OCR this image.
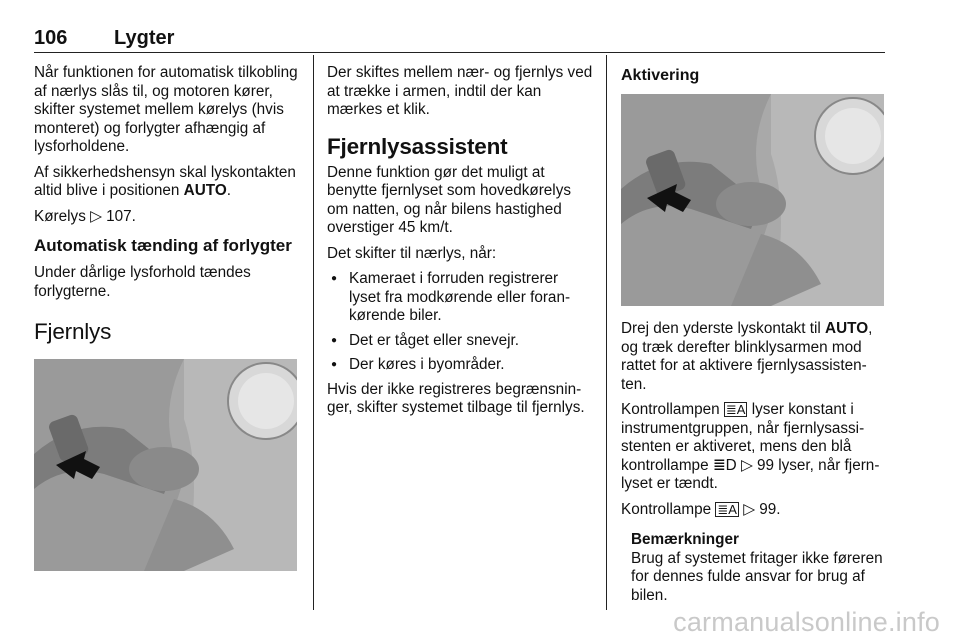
106 Lygter

Når funktionen for automatisk tilkobling af nærlys slås til, og motoren kører, skifter systemet mellem kørelys (hvis monteret) og forlygter afhængig af lysforholdene.

Af sikkerhedshensyn skal lyskontakten altid blive i positionen AUTO.

Kørelys ▷ 107.

Automatisk tænding af forlygter

Under dårlige lysforhold tændes forlygterne.

Fjernlys

Der skiftes mellem nær- og fjernlys ved at trække i armen, indtil der kan mærkes et klik.

Fjernlysassistent

Denne funktion gør det muligt at benytte fjernlyset som hovedkørelys om natten, og når bilens hastighed overstiger 45 km/t.

Det skifter til nærlys, når:

● Kameraet i forruden registrerer lyset fra modkørende eller forankørende biler.
● Det er tåget eller snevejr.
● Der køres i byområder.

Hvis der ikke registreres begrænsninger, skifter systemet tilbage til fjernlys.

Aktivering

Drej den yderste lyskontakt til AUTO, og træk derefter blinklysarmen mod rattet for at aktivere fjernlysassistenten.

Kontrollampen ≣A lyser konstant i instrumentgruppen, når fjernlysassistenten er aktiveret, mens den blå kontrollampe ≣D ▷ 99 lyser, når fjernlyset er tændt.

Kontrollampe ≣A ▷ 99.

Bemærkninger
Brug af systemet fritager ikke føreren for dennes fulde ansvar for brug af bilen.
carmanualsonline.info
